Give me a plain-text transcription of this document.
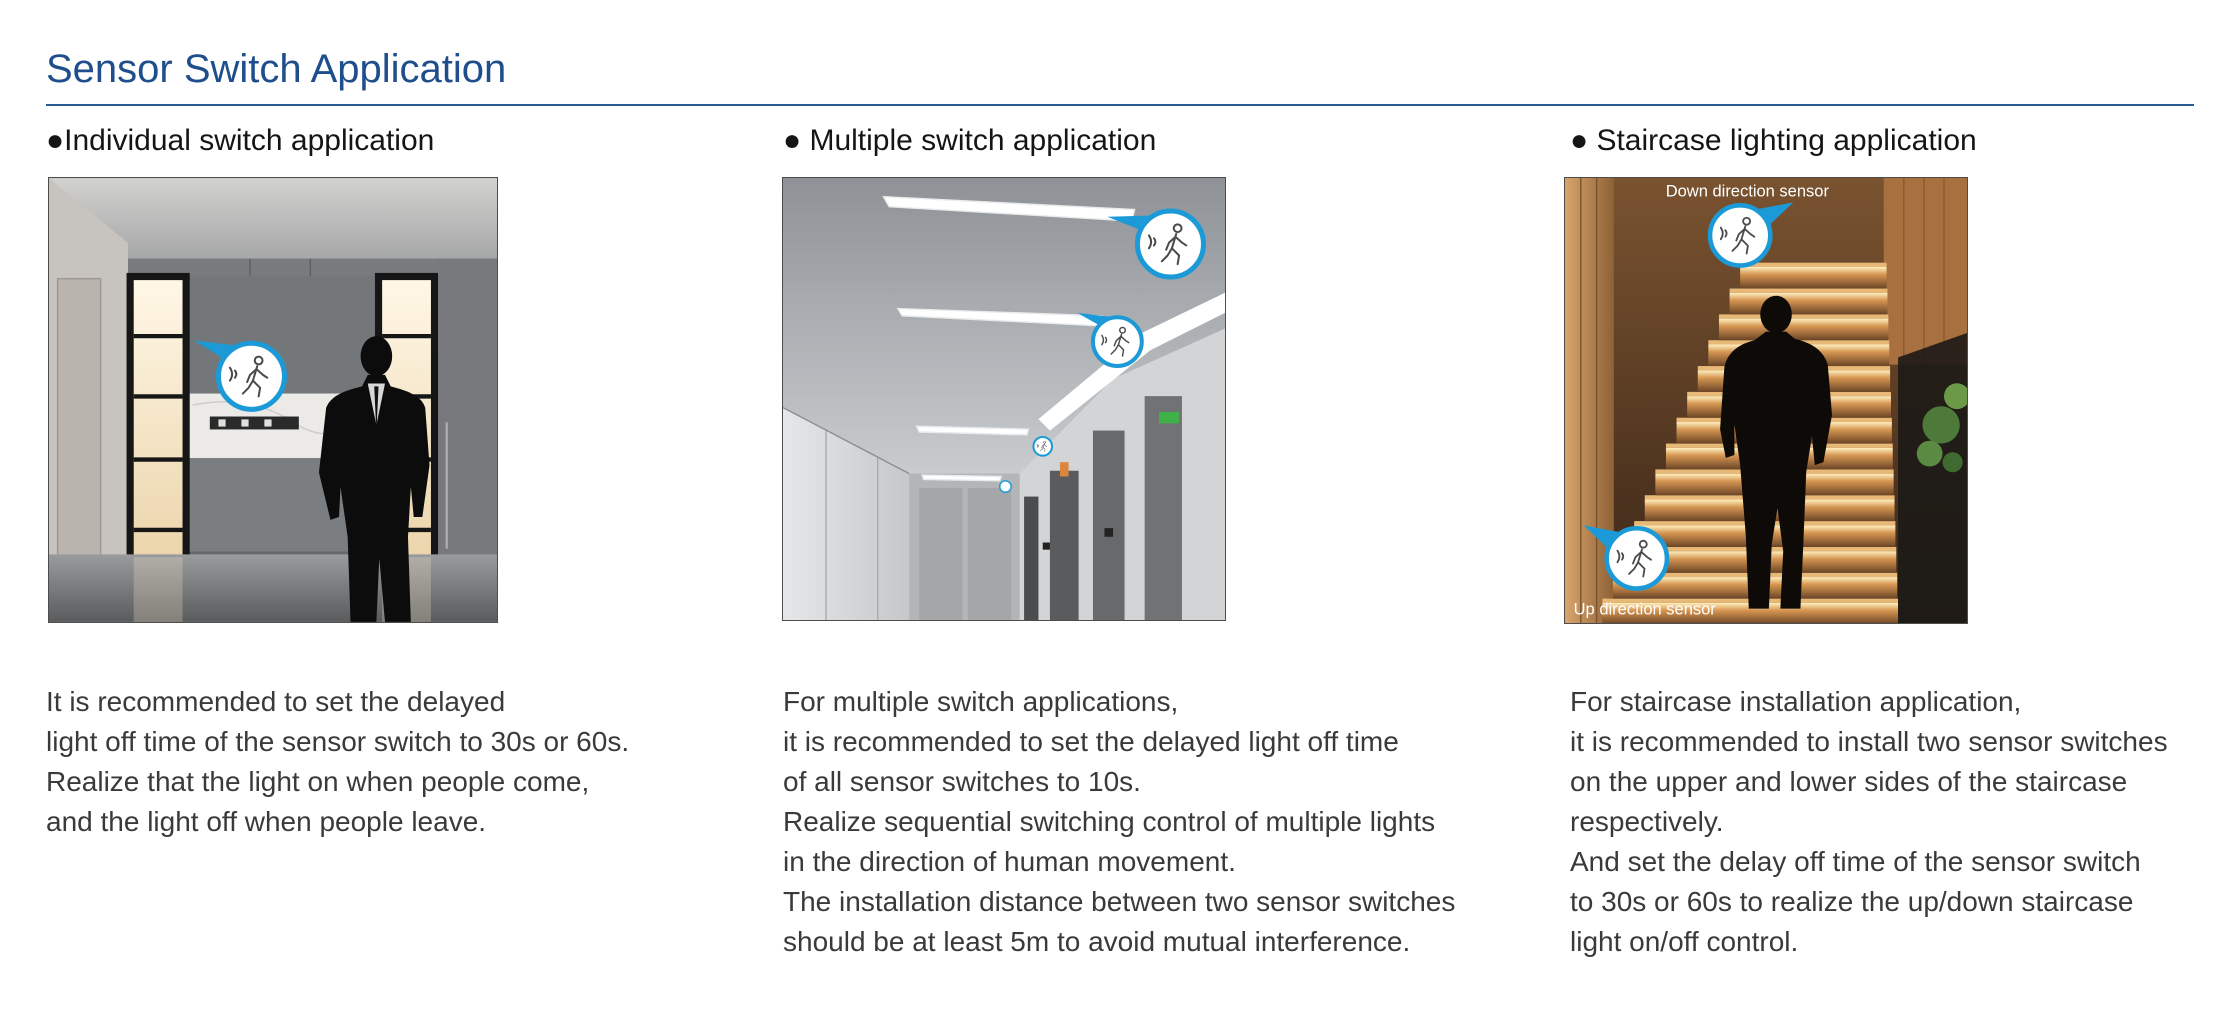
Sensor Switch Application
●Individual switch application
It is recommended to set the delayed
light off time of the sensor switch to 30s or 60s.
Realize that the light on when people come,
and the light off when people leave.
● Multiple switch application
For multiple switch applications,
it is recommended to set the delayed light off time
of all sensor switches to 10s.
Realize sequential switching control of multiple lights
in the direction of human movement.
The installation distance between two sensor switches
should be at least 5m to avoid mutual interference.
● Staircase lighting application
Down direction sensor
Up direction sensor
For staircase installation application,
it is recommended to install two sensor switches
on the upper and lower sides of the staircase
respectively.
And set the delay off time of the sensor switch
to 30s or 60s to realize the up/down staircase
light on/off control.
